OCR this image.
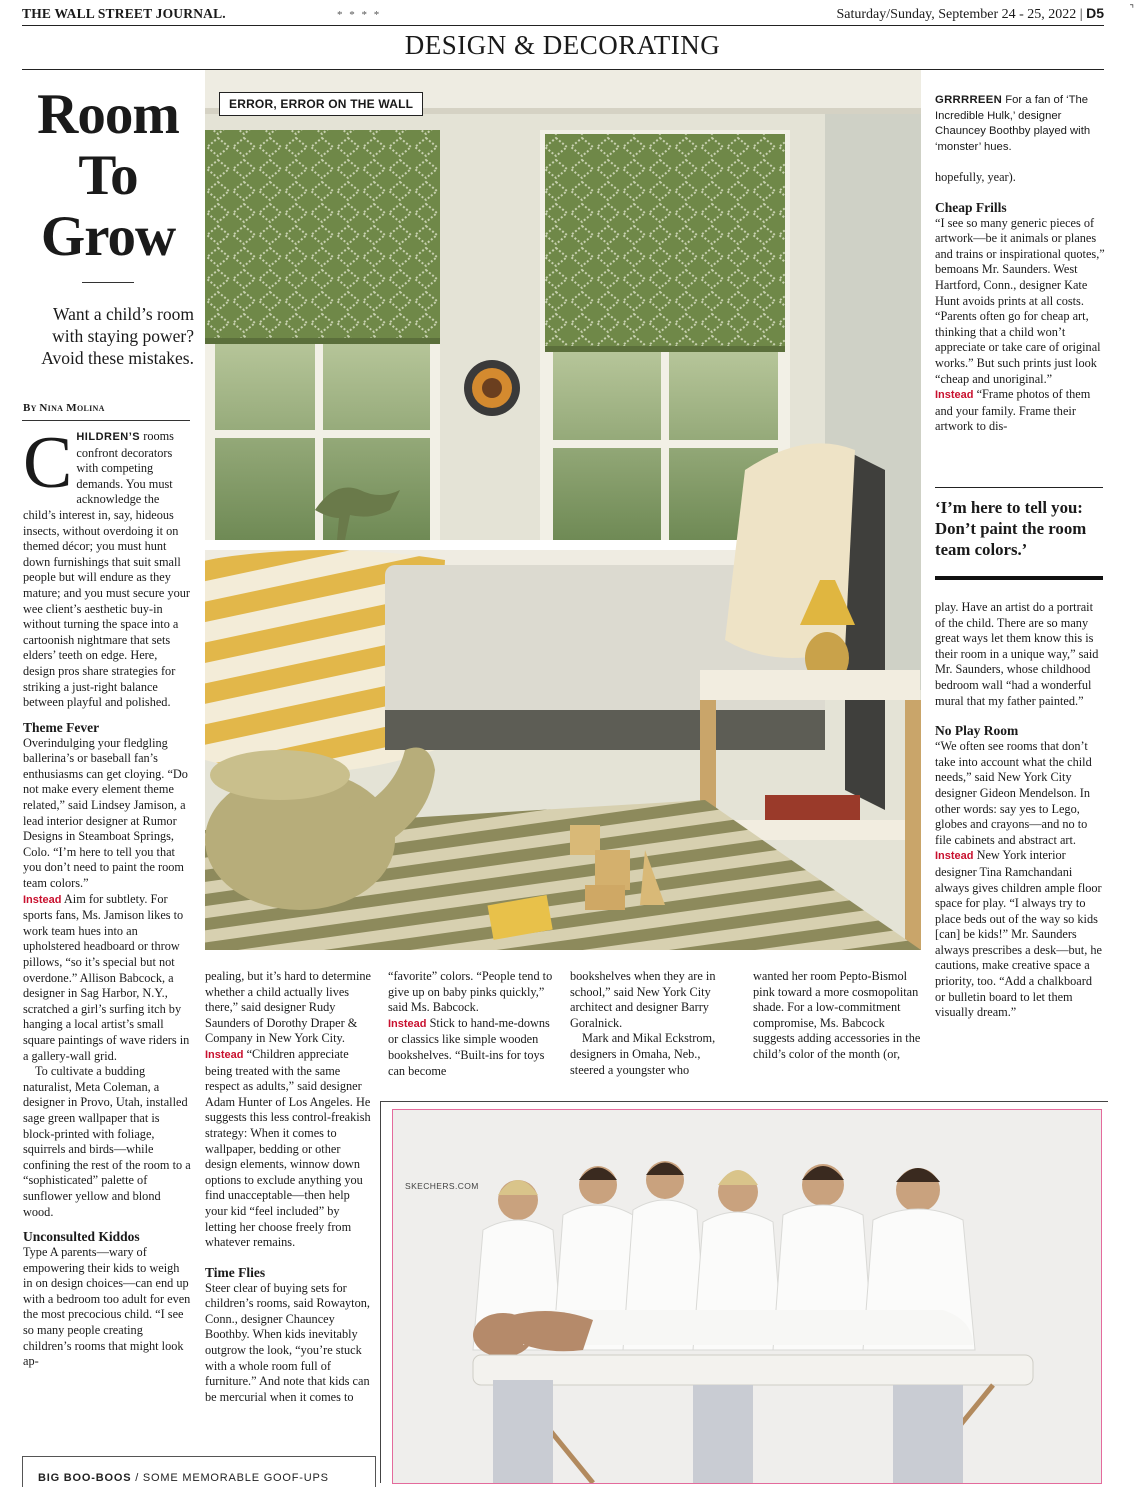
THE WALL STREET JOURNAL.	* * * *	Saturday/Sunday, September 24 - 25, 2022 | D5	⌝
DESIGN & DECORATING
Room
To
Grow
Want a child’s room with staying power? Avoid these mistakes.
By Nina Molina

CHILDREN’S rooms confront decorators with competing demands. You must acknowledge the child’s interest in, say, hideous insects, without overdoing it on themed décor; you must hunt down furnishings that suit small people but will endure as they mature; and you must secure your wee client’s aesthetic buy-in without turning the space into a cartoonish nightmare that sets elders’ teeth on edge. Here, design pros share strategies for striking a just-right balance between playful and polished.

Theme Fever

Overindulging your fledgling ballerina’s or baseball fan’s enthusiasms can get cloying. “Do not make every element theme related,” said Lindsey Jamison, a lead interior designer at Rumor Designs in Steamboat Springs, Colo. “I’m here to tell you that you don’t need to paint the room team colors.”

Instead Aim for subtlety. For sports fans, Ms. Jamison likes to work team hues into an upholstered headboard or throw pillows, “so it’s special but not overdone.” Allison Babcock, a designer in Sag Harbor, N.Y., scratched a girl’s surfing itch by hanging a local artist’s small square paintings of wave riders in a gallery-wall grid.

To cultivate a budding naturalist, Meta Coleman, a designer in Provo, Utah, installed sage green wallpaper that is block-printed with foliage, squirrels and birds—while confining the rest of the room to a “sophisticated” palette of sunflower yellow and blond wood.

Unconsulted Kiddos

Type A parents—wary of empowering their kids to weigh in on design choices—can end up with a bedroom too adult for even the most precocious child. “I see so many people creating children’s rooms that might look ap-

ERROR, ERROR ON THE WALL	GRRRREEN For a fan of ‘The Incredible Hulk,’ designer Chauncey Boothby played with ‘monster’ hues.

hopefully, year).

Cheap Frills

“I see so many generic pieces of artwork—be it animals or planes and trains or inspirational quotes,” bemoans Mr. Saunders. West Hartford, Conn., designer Kate Hunt avoids prints at all costs. “Parents often go for cheap art, thinking that a child won’t appreciate or take care of original works.” But such prints just look “cheap and unoriginal.”

Instead “Frame photos of them and your family. Frame their artwork to dis-

‘I’m here to tell you: Don’t paint the room team colors.’

play. Have an artist do a portrait of the child. There are so many great ways let them know this is their room in a unique way,” said Mr. Saunders, whose childhood bedroom wall “had a wonderful mural that my father painted.”

No Play Room

“We often see rooms that don’t take into account what the child needs,” said New York City designer Gideon Mendelson. In other words: say yes to Lego, globes and crayons—and no to file cabinets and abstract art.

Instead New York interior designer Tina Ramchandani always gives children ample floor space for play. “I always try to place beds out of the way so kids [can] be kids!” Mr. Saunders always prescribes a desk—but, he cautions, make creative space a priority, too. “Add a chalkboard or bulletin board to let them visually dream.”

pealing, but it’s hard to determine whether a child actually lives there,” said designer Rudy Saunders of Dorothy Draper & Company in New York City.

Instead “Children appreciate being treated with the same respect as adults,” said designer Adam Hunter of Los Angeles. He suggests this less control-freakish strategy: When it comes to wallpaper, bedding or other design elements, winnow down options to exclude anything you find unacceptable—then help your kid “feel included” by letting her choose freely from whatever remains.

Time Flies

Steer clear of buying sets for children’s rooms, said Rowayton, Conn., designer Chauncey Boothby. When kids inevitably outgrow the look, “you’re stuck with a whole room full of furniture.” And note that kids can be mercurial when it comes to

“favorite” colors. “People tend to give up on baby pinks quickly,” said Ms. Babcock.

Instead Stick to hand-me-downs or classics like simple wooden bookshelves. “Built-ins for toys can become

bookshelves when they are in school,” said New York City architect and designer Barry Goralnick.

Mark and Mikal Eckstrom, designers in Omaha, Neb., steered a youngster who

wanted her room Pepto-Bismol pink toward a more cosmopolitan shade. For a low-commitment compromise, Ms. Babcock suggests adding accessories in the child’s color of the month (or,

SKECHERS.COM
BIG BOO-BOOS / SOME MEMORABLE GOOF-UPS
